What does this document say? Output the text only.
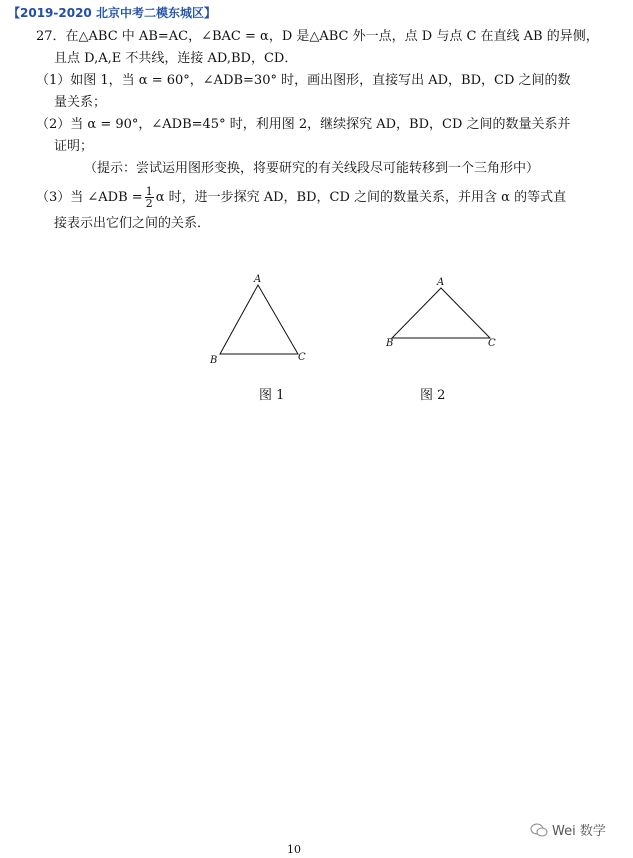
【2019-2020 北京中考二模东城区】
27．在△ABC 中 AB=AC，∠BAC = α，D 是△ABC 外一点，点 D 与点 C 在直线 AB 的异侧，
且点 D,A,E 不共线，连接 AD,BD，CD．
（1）如图 1，当 α = 60°，∠ADB=30° 时，画出图形，直接写出 AD，BD，CD 之间的数
量关系；
（2）当 α = 90°，∠ADB=45° 时，利用图 2，继续探究 AD，BD，CD 之间的数量关系并
证明；
（提示：尝试运用图形变换，将要研究的有关线段尽可能转移到一个三角形中）
（3）当 ∠ADB = $\frac{1}{2}$ α 时，进一步探究 AD，BD，CD 之间的数量关系，并用含 α 的等式直
接表示出它们之间的关系．
A
B	C
图 1
A
B	C
图 2
10
Wei 数学
